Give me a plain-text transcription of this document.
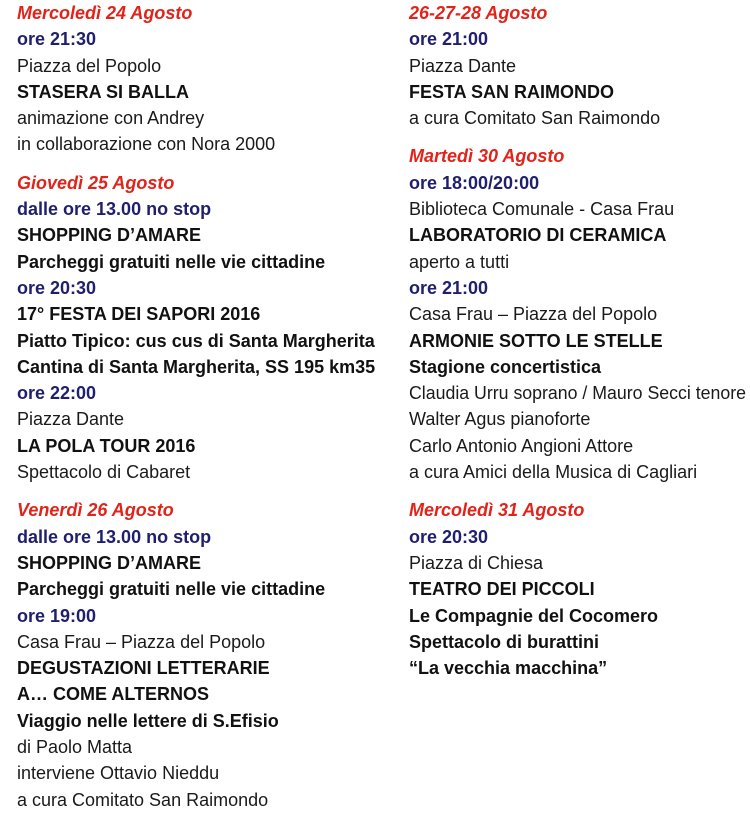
Mercoledì 24 Agosto
ore 21:30
Piazza del Popolo
STASERA SI BALLA
animazione con Andrey
in collaborazione con Nora 2000
Giovedì 25 Agosto
dalle ore 13.00 no stop
SHOPPING D’AMARE
Parcheggi gratuiti nelle vie cittadine
ore 20:30
17° FESTA DEI SAPORI 2016
Piatto Tipico: cus cus di Santa Margherita
Cantina di Santa Margherita, SS 195 km35
ore 22:00
Piazza Dante
LA POLA TOUR 2016
Spettacolo di Cabaret
Venerdì 26 Agosto
dalle ore 13.00 no stop
SHOPPING D’AMARE
Parcheggi gratuiti nelle vie cittadine
ore 19:00
Casa Frau – Piazza del Popolo
DEGUSTAZIONI LETTERARIE
A… COME ALTERNOS
Viaggio nelle lettere di S.Efisio
di Paolo Matta
interviene Ottavio Nieddu
a cura Comitato San Raimondo
26-27-28 Agosto
ore 21:00
Piazza Dante
FESTA SAN RAIMONDO
a cura Comitato San Raimondo
Martedì 30 Agosto
ore 18:00/20:00
Biblioteca Comunale - Casa Frau
LABORATORIO DI CERAMICA
aperto a tutti
ore 21:00
Casa Frau – Piazza del Popolo
ARMONIE SOTTO LE STELLE
Stagione concertistica
Claudia Urru soprano / Mauro Secci tenore
Walter Agus pianoforte
Carlo Antonio Angioni Attore
a cura Amici della Musica di Cagliari
Mercoledì 31 Agosto
ore 20:30
Piazza di Chiesa
TEATRO DEI PICCOLI
Le Compagnie del Cocomero
Spettacolo di burattini
“La vecchia macchina”
